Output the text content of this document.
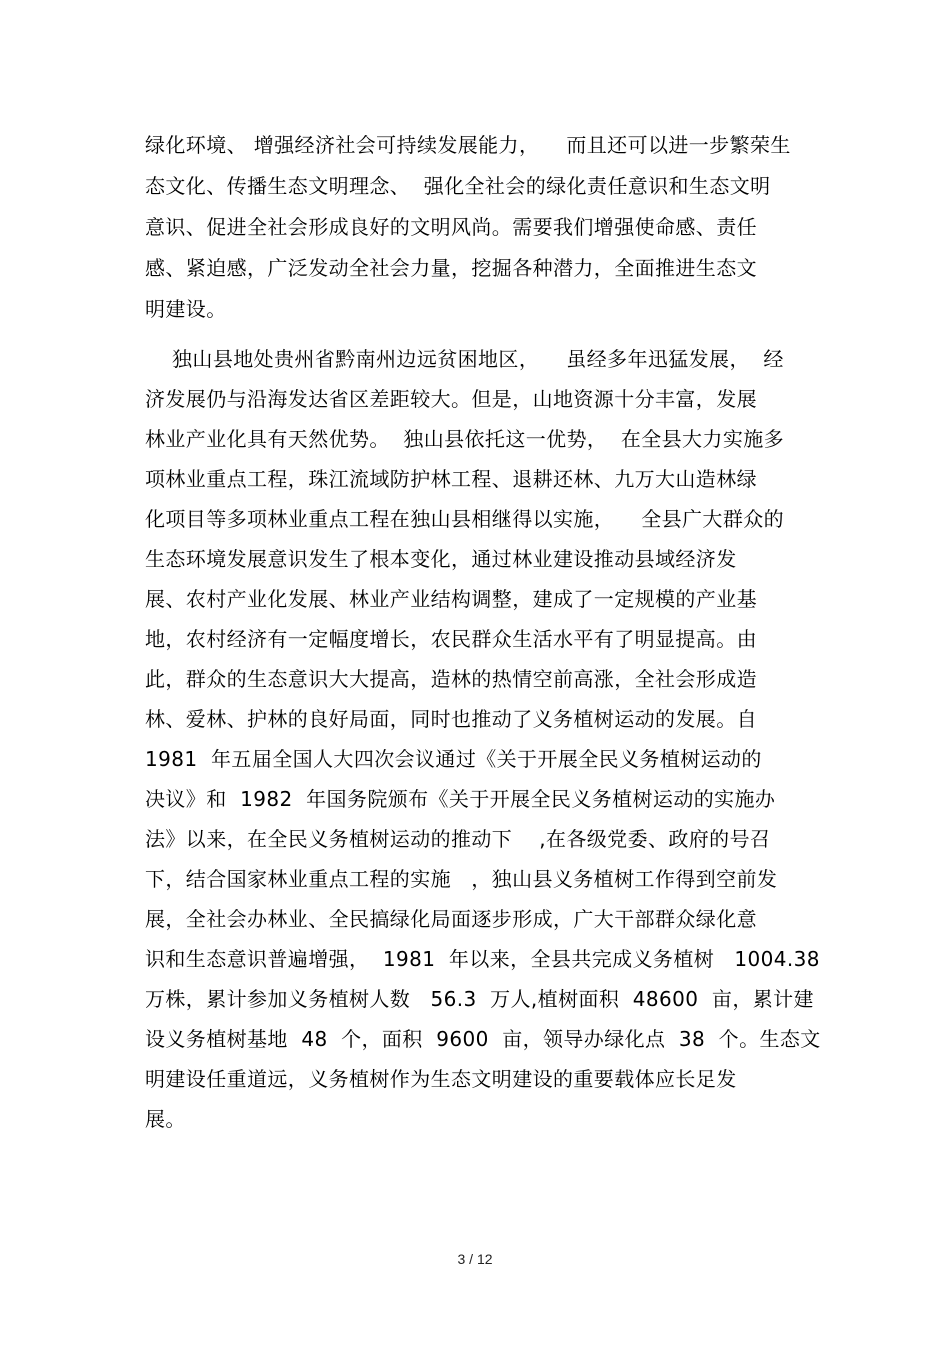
绿化环境、 增强经济社会可持续发展能力，    而且还可以进一步繁荣生
态文化、传播生态文明理念、  强化全社会的绿化责任意识和生态文明
意识、促进全社会形成良好的文明风尚。需要我们增强使命感、责任
感、紧迫感，广泛发动全社会力量，挖掘各种潜力，全面推进生态文
明建设。
独山县地处贵州省黔南州边远贫困地区，    虽经多年迅猛发展，  经
济发展仍与沿海发达省区差距较大。但是，山地资源十分丰富，发展
林业产业化具有天然优势。  独山县依托这一优势，  在全县大力实施多
项林业重点工程，珠江流域防护林工程、退耕还林、九万大山造林绿
化项目等多项林业重点工程在独山县相继得以实施，    全县广大群众的
生态环境发展意识发生了根本变化，通过林业建设推动县域经济发
展、农村产业化发展、林业产业结构调整，建成了一定规模的产业基
地，农村经济有一定幅度增长，农民群众生活水平有了明显提高。由
此，群众的生态意识大大提高，造林的热情空前高涨，全社会形成造
林、爱林、护林的良好局面，同时也推动了义务植树运动的发展。自
1981  年五届全国人大四次会议通过《关于开展全民义务植树运动的
决议》和  1982  年国务院颁布《关于开展全民义务植树运动的实施办
法》以来，在全民义务植树运动的推动下    ,在各级党委、政府的号召
下，结合国家林业重点工程的实施   ，独山县义务植树工作得到空前发
展，全社会办林业、全民搞绿化局面逐步形成，广大干部群众绿化意
识和生态意识普遍增强，  1981  年以来，全县共完成义务植树   1004.38
万株，累计参加义务植树人数   56.3  万人,植树面积  48600  亩，累计建
设义务植树基地  48  个，面积  9600  亩，领导办绿化点  38  个。生态文
明建设任重道远，义务植树作为生态文明建设的重要载体应长足发
展。
3 / 12
